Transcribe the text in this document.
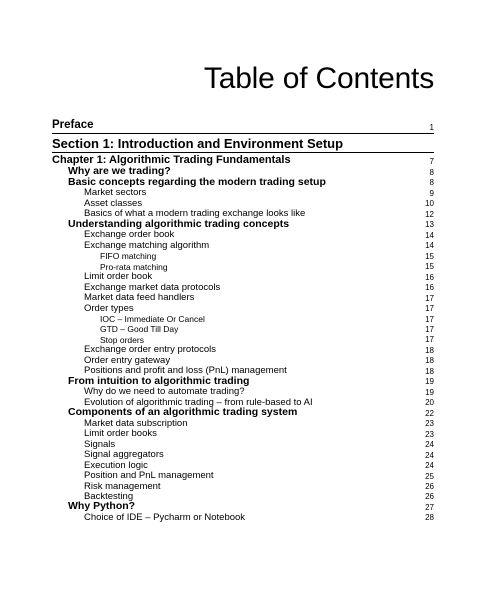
Table of Contents
Preface	1
Section 1: Introduction and Environment Setup
Chapter 1: Algorithmic Trading Fundamentals	7
Why are we trading?	8
Basic concepts regarding the modern trading setup	8
Market sectors	9
Asset classes	10
Basics of what a modern trading exchange looks like	12
Understanding algorithmic trading concepts	13
Exchange order book	14
Exchange matching algorithm	14
FIFO matching	15
Pro-rata matching	15
Limit order book	16
Exchange market data protocols	16
Market data feed handlers	17
Order types	17
IOC – Immediate Or Cancel	17
GTD – Good Till Day	17
Stop orders	17
Exchange order entry protocols	18
Order entry gateway	18
Positions and profit and loss (PnL) management	18
From intuition to algorithmic trading	19
Why do we need to automate trading?	19
Evolution of algorithmic trading – from rule-based to AI	20
Components of an algorithmic trading system	22
Market data subscription	23
Limit order books	23
Signals	24
Signal aggregators	24
Execution logic	24
Position and PnL management	25
Risk management	26
Backtesting	26
Why Python?	27
Choice of IDE – Pycharm or Notebook	28
